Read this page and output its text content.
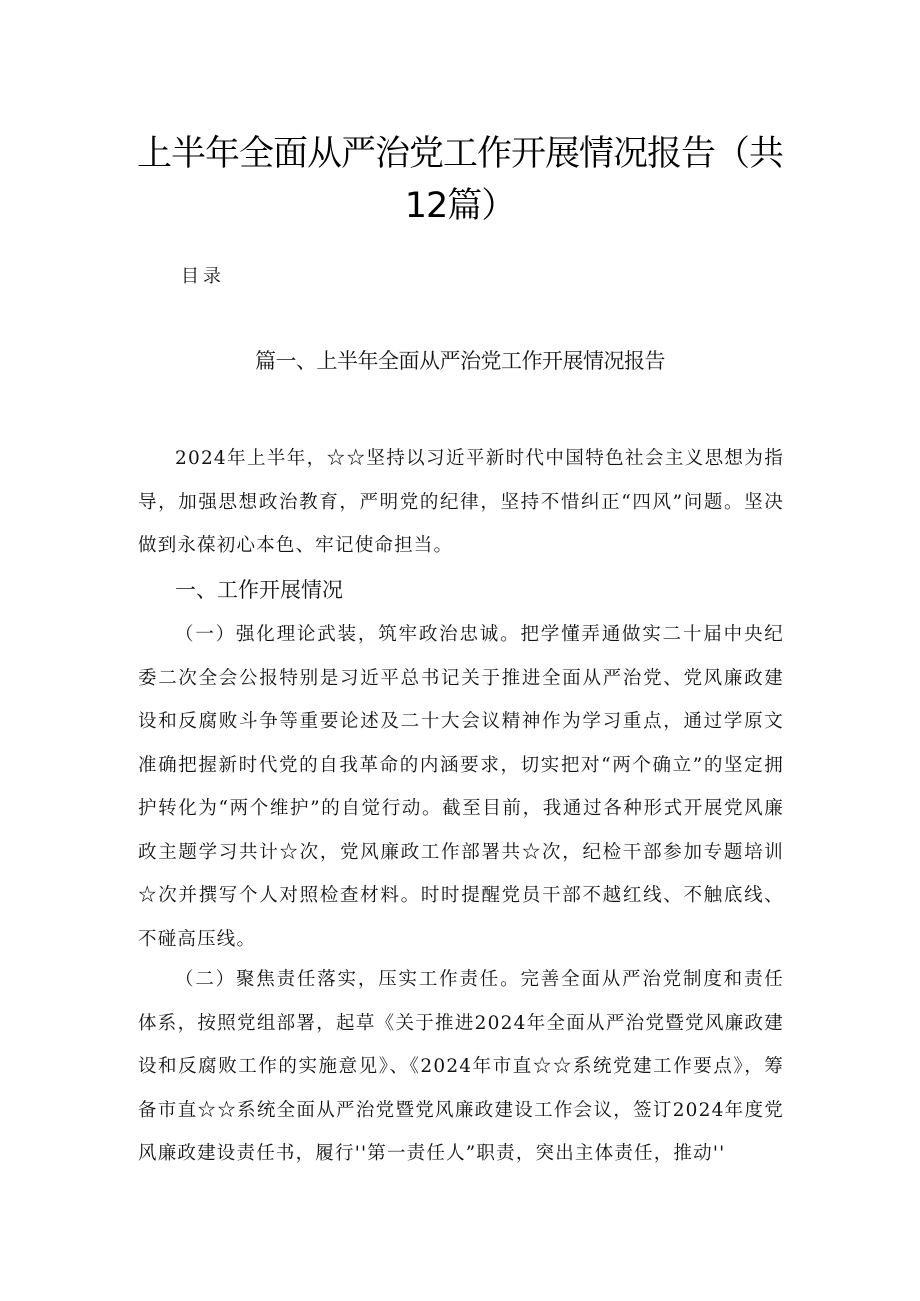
上半年全面从严治党工作开展情况报告（共12篇）
目录
篇一、上半年全面从严治党工作开展情况报告

2024年上半年，☆☆坚持以习近平新时代中国特色社会主义思想为指导，加强思想政治教育，严明党的纪律，坚持不惜纠正“四风”问题。坚决做到永葆初心本色、牢记使命担当。

一、工作开展情况

（一）强化理论武装，筑牢政治忠诚。把学懂弄通做实二十届中央纪委二次全会公报特别是习近平总书记关于推进全面从严治党、党风廉政建设和反腐败斗争等重要论述及二十大会议精神作为学习重点，通过学原文准确把握新时代党的自我革命的内涵要求，切实把对“两个确立”的坚定拥护转化为“两个维护”的自觉行动。截至目前，我通过各种形式开展党风廉政主题学习共计☆次，党风廉政工作部署共☆次，纪检干部参加专题培训☆次并撰写个人对照检查材料。时时提醒党员干部不越红线、不触底线、不碰高压线。

（二）聚焦责任落实，压实工作责任。完善全面从严治党制度和责任体系，按照党组部署，起草《关于推进2024年全面从严治党暨党风廉政建设和反腐败工作的实施意见》、《2024年市直☆☆系统党建工作要点》，筹备市直☆☆系统全面从严治党暨党风廉政建设工作会议，签订2024年度党风廉政建设责任书，履行''第一责任人”职责，突出主体责任，推动''
